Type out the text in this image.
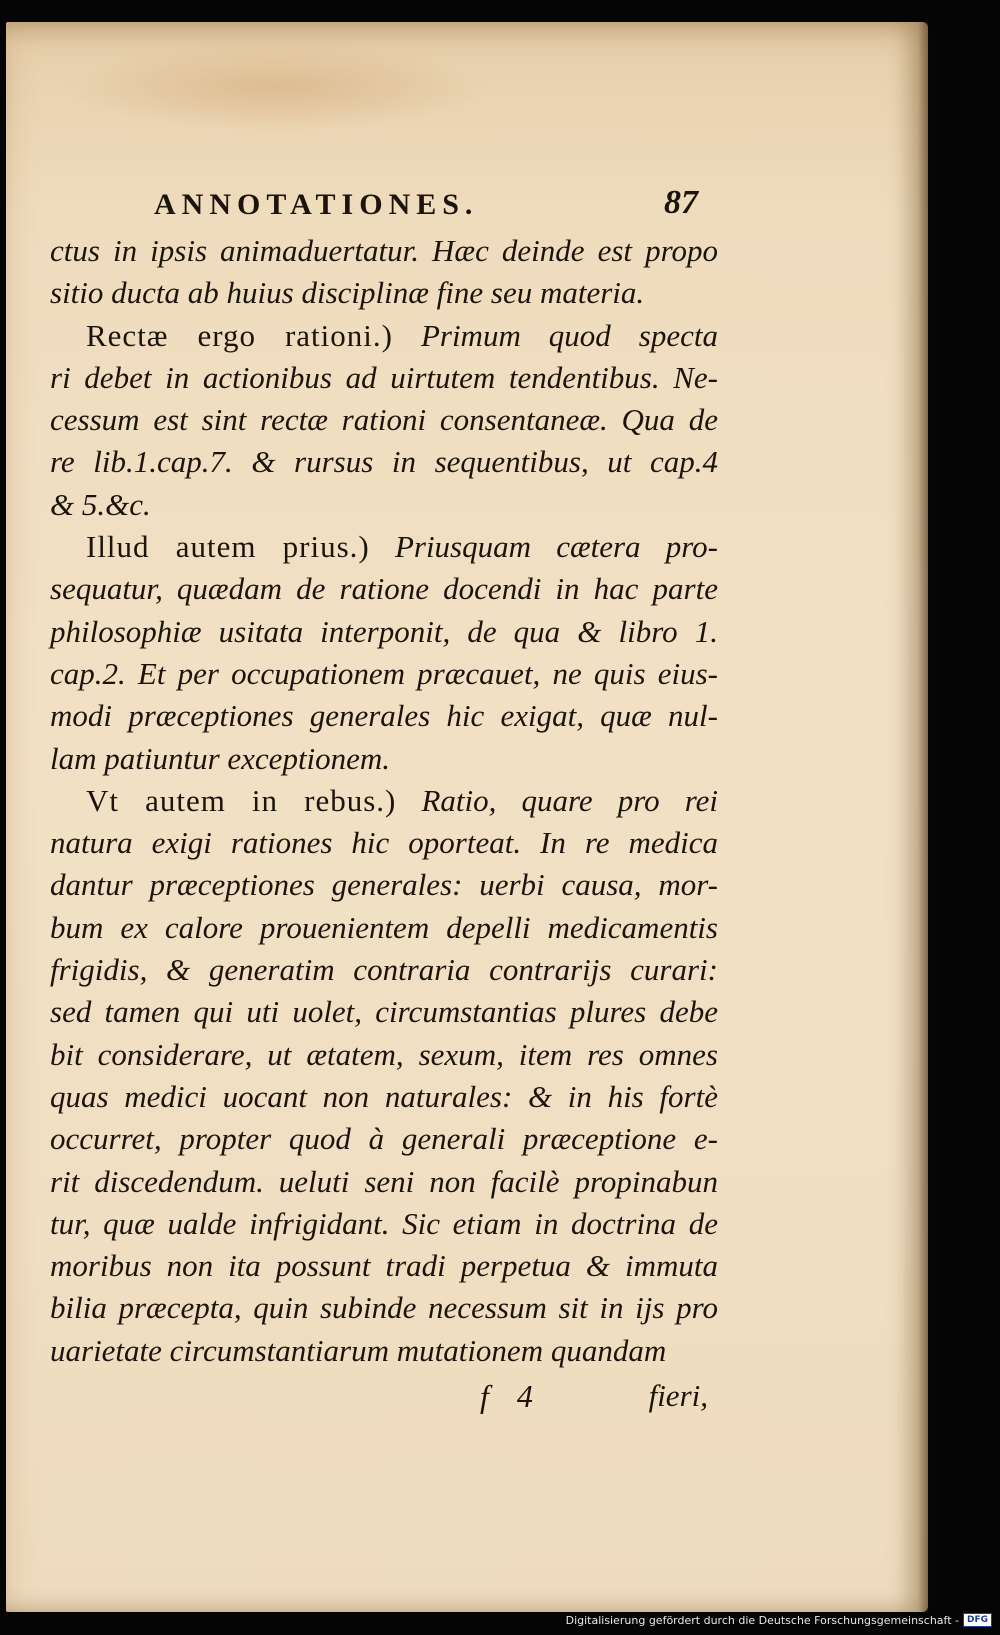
ANNOTATIONES.	87
ctus in ipsis animaduertatur. Hæc deinde est propo
sitio ducta ab huius disciplinæ fine seu materia.
Rectæ ergo rationi.) Primum quod specta
ri debet in actionibus ad uirtutem tendentibus. Ne-
cessum est sint rectæ rationi consentaneæ. Qua de
re lib.1.cap.7. & rursus in sequentibus, ut cap.4
& 5.&c.
Illud autem prius.) Priusquam cætera pro-
sequatur, quædam de ratione docendi in hac parte
philosophiæ usitata interponit, de qua & libro 1.
cap.2. Et per occupationem præcauet, ne quis eius-
modi præceptiones generales hic exigat, quæ nul-
lam patiuntur exceptionem.
Vt autem in rebus.) Ratio, quare pro rei
natura exigi rationes hic oporteat. In re medica
dantur præceptiones generales: uerbi causa, mor-
bum ex calore prouenientem depelli medicamentis
frigidis, & generatim contraria contrarijs curari:
sed tamen qui uti uolet, circumstantias plures debe
bit considerare, ut ætatem, sexum, item res omnes
quas medici uocant non naturales: & in his fortè
occurret, propter quod à generali præceptione e-
rit discedendum. ueluti seni non facilè propinabun
tur, quæ ualde infrigidant. Sic etiam in doctrina de
moribus non ita possunt tradi perpetua & immuta
bilia præcepta, quin subinde necessum sit in ijs pro
uarietate circumstantiarum mutationem quandam
f 4	fieri,
Digitalisierung gefördert durch die Deutsche Forschungsgemeinschaft - DFG
